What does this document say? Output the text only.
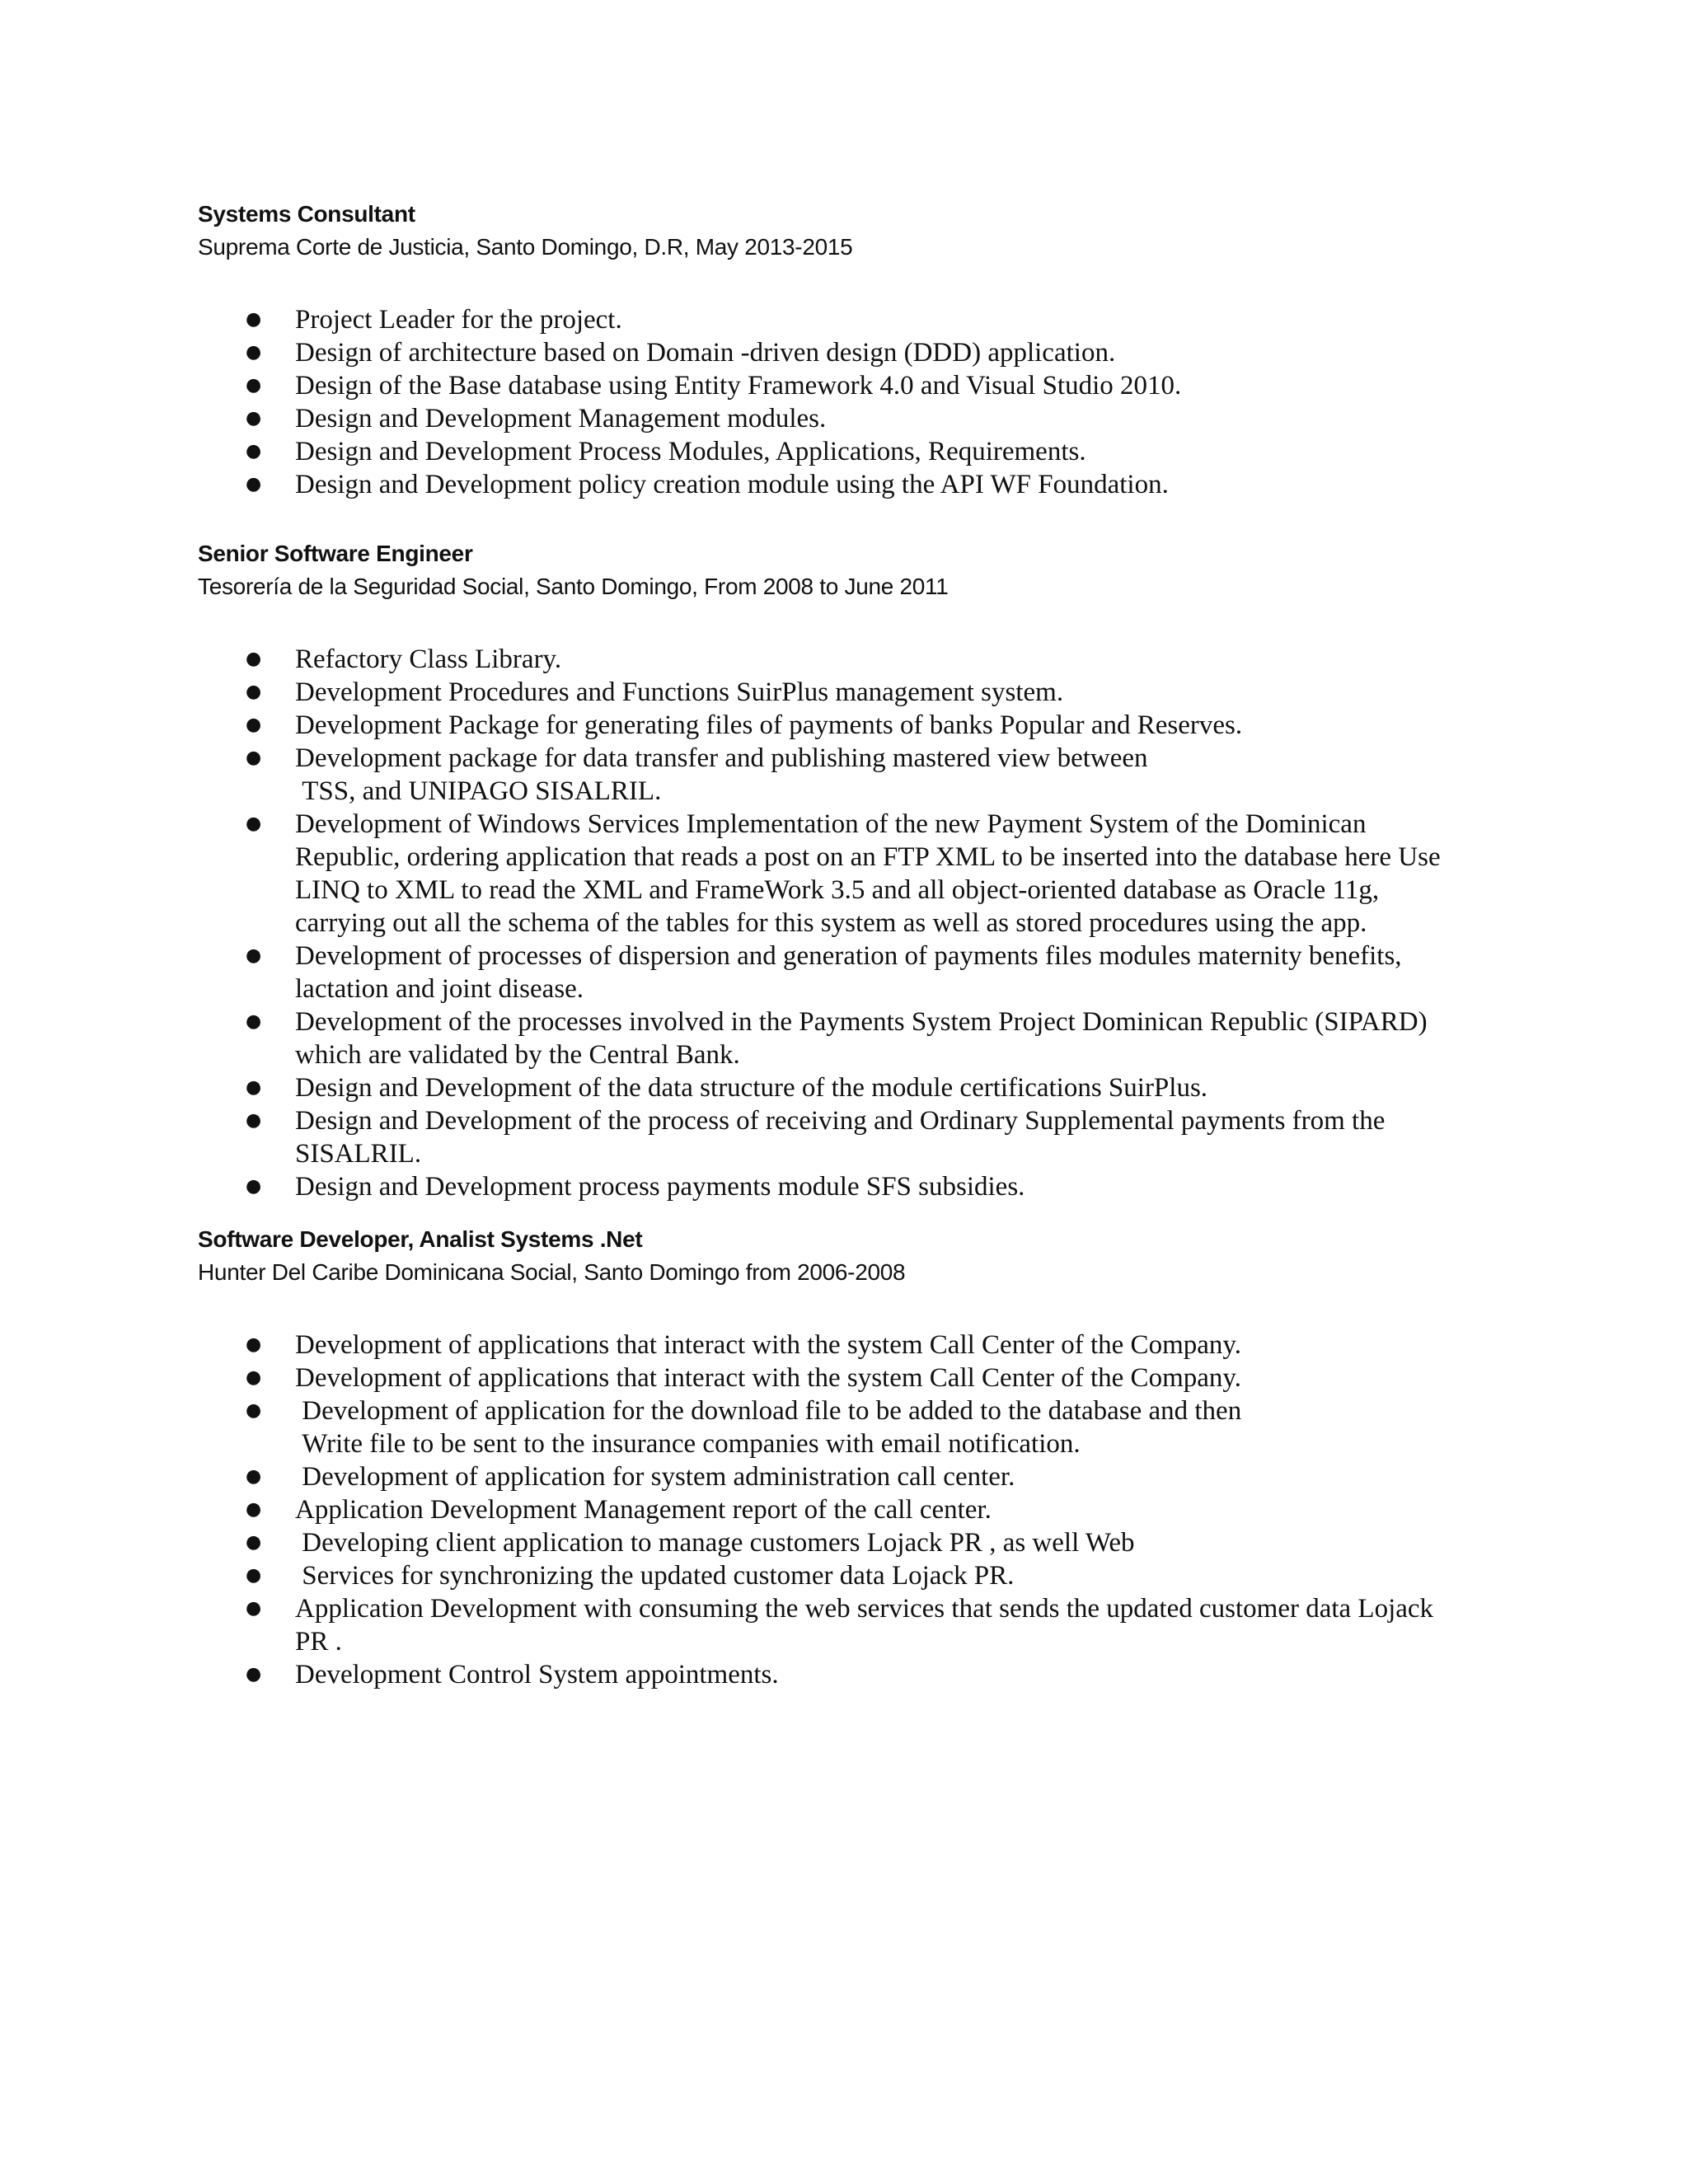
Systems Consultant

Suprema Corte de Justicia, Santo Domingo, D.R, May 2013-2015

● Project Leader for the project.
● Design of architecture based on Domain -driven design (DDD) application.
● Design of the Base database using Entity Framework 4.0 and Visual Studio 2010.
● Design and Development Management modules.
● Design and Development Process Modules, Applications, Requirements.
● Design and Development policy creation module using the API WF Foundation.

Senior Software Engineer

Tesorería de la Seguridad Social, Santo Domingo, From 2008 to June 2011

● Refactory Class Library.
● Development Procedures and Functions SuirPlus management system.
● Development Package for generating files of payments of banks Popular and Reserves.
● Development package for data transfer and publishing mastered view between
TSS, and UNIPAGO SISALRIL.
● Development of Windows Services Implementation of the new Payment System of the Dominican
Republic, ordering application that reads a post on an FTP XML to be inserted into the database here Use
LINQ to XML to read the XML and FrameWork 3.5 and all object-oriented database as Oracle 11g,
carrying out all the schema of the tables for this system as well as stored procedures using the app.
● Development of processes of dispersion and generation of payments files modules maternity benefits,
lactation and joint disease.
● Development of the processes involved in the Payments System Project Dominican Republic (SIPARD)
which are validated by the Central Bank.
● Design and Development of the data structure of the module certifications SuirPlus.
● Design and Development of the process of receiving and Ordinary Supplemental payments from the
SISALRIL.
● Design and Development process payments module SFS subsidies.

Software Developer, Analist Systems .Net

Hunter Del Caribe Dominicana Social, Santo Domingo from 2006-2008

● Development of applications that interact with the system Call Center of the Company.
● Development of applications that interact with the system Call Center of the Company.
● Development of application for the download file to be added to the database and then
Write file to be sent to the insurance companies with email notification.
● Development of application for system administration call center.
● Application Development Management report of the call center.
● Developing client application to manage customers Lojack PR , as well Web
● Services for synchronizing the updated customer data Lojack PR.
● Application Development with consuming the web services that sends the updated customer data Lojack
PR .
● Development Control System appointments.
